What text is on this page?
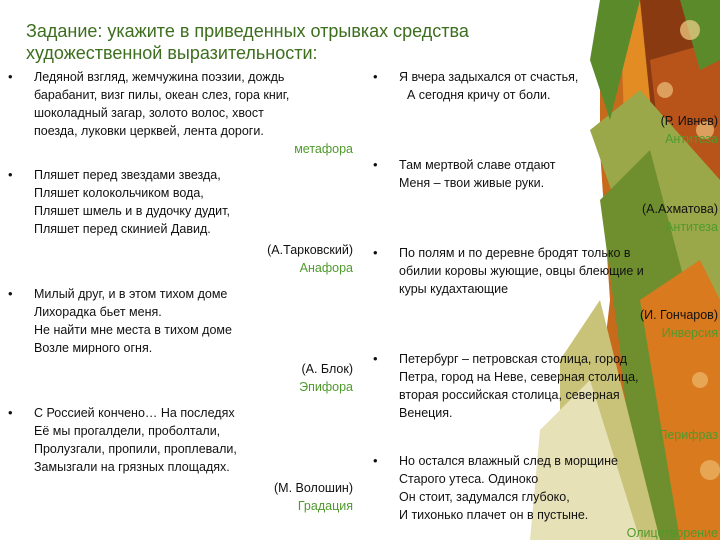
Задание: укажите в приведенных отрывках средства художественной выразительности:
• Ледяной взгляд, жемчужина поэзии, дождь
барабанит, визг пилы, океан слез, гора книг,
шоколадный загар, золото волос, хвост
поезда, луковки церквей, лента дороги.
метафора
• Пляшет перед звездами звезда,
Пляшет колокольчиком вода,
Пляшет шмель и в дудочку дудит,
Пляшет перед скинией Давид.
(А.Тарковский)
Анафора
• Милый друг, и в этом тихом доме
Лихорадка бьет меня.
Не найти мне места в тихом доме
Возле мирного огня.
(А. Блок)
Эпифора
• С Россией кончено… На последях
Её мы прогалдели, проболтали,
Пролузгали, пропили, проплевали,
Замызгали на грязных площадях.
(М. Волошин)
Градация
• Я вчера задыхался от счастья,
А сегодня кричу от боли.
(Р. Ивнев)
Антитеза
• Там мертвой славе отдают
Меня – твои живые руки.
(А.Ахматова)
Антитеза
• По полям и по деревне бродят только в
обилии коровы жующие, овцы блеющие и
куры кудахтающие
(И. Гончаров)
Инверсия
• Петербург – петровская столица, город
Петра, город на Неве, северная столица,
вторая российская столица, северная
Венеция.
Перифраз
• Но остался влажный след в морщине
Старого утеса. Одиноко
Он стоит, задумался глубоко,
И тихонько плачет он в пустыне.
Олицетворение
